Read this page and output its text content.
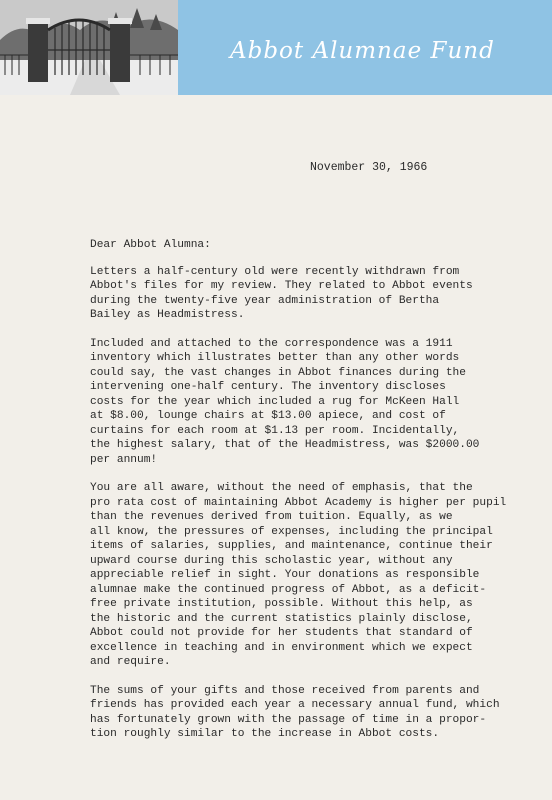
Abbot Alumnae Fund
November 30, 1966

Dear Abbot Alumna:

Letters a half-century old were recently withdrawn from
Abbot's files for my review. They related to Abbot events
during the twenty-five year administration of Bertha
Bailey as Headmistress.

Included and attached to the correspondence was a 1911
inventory which illustrates better than any other words
could say, the vast changes in Abbot finances during the
intervening one-half century. The inventory discloses
costs for the year which included a rug for McKeen Hall
at $8.00, lounge chairs at $13.00 apiece, and cost of
curtains for each room at $1.13 per room. Incidentally,
the highest salary, that of the Headmistress, was $2000.00
per annum!

You are all aware, without the need of emphasis, that the
pro rata cost of maintaining Abbot Academy is higher per pupil
than the revenues derived from tuition. Equally, as we
all know, the pressures of expenses, including the principal
items of salaries, supplies, and maintenance, continue their
upward course during this scholastic year, without any
appreciable relief in sight. Your donations as responsible
alumnae make the continued progress of Abbot, as a deficit-
free private institution, possible. Without this help, as
the historic and the current statistics plainly disclose,
Abbot could not provide for her students that standard of
excellence in teaching and in environment which we expect
and require.

The sums of your gifts and those received from parents and
friends has provided each year a necessary annual fund, which
has fortunately grown with the passage of time in a propor-
tion roughly similar to the increase in Abbot costs.
